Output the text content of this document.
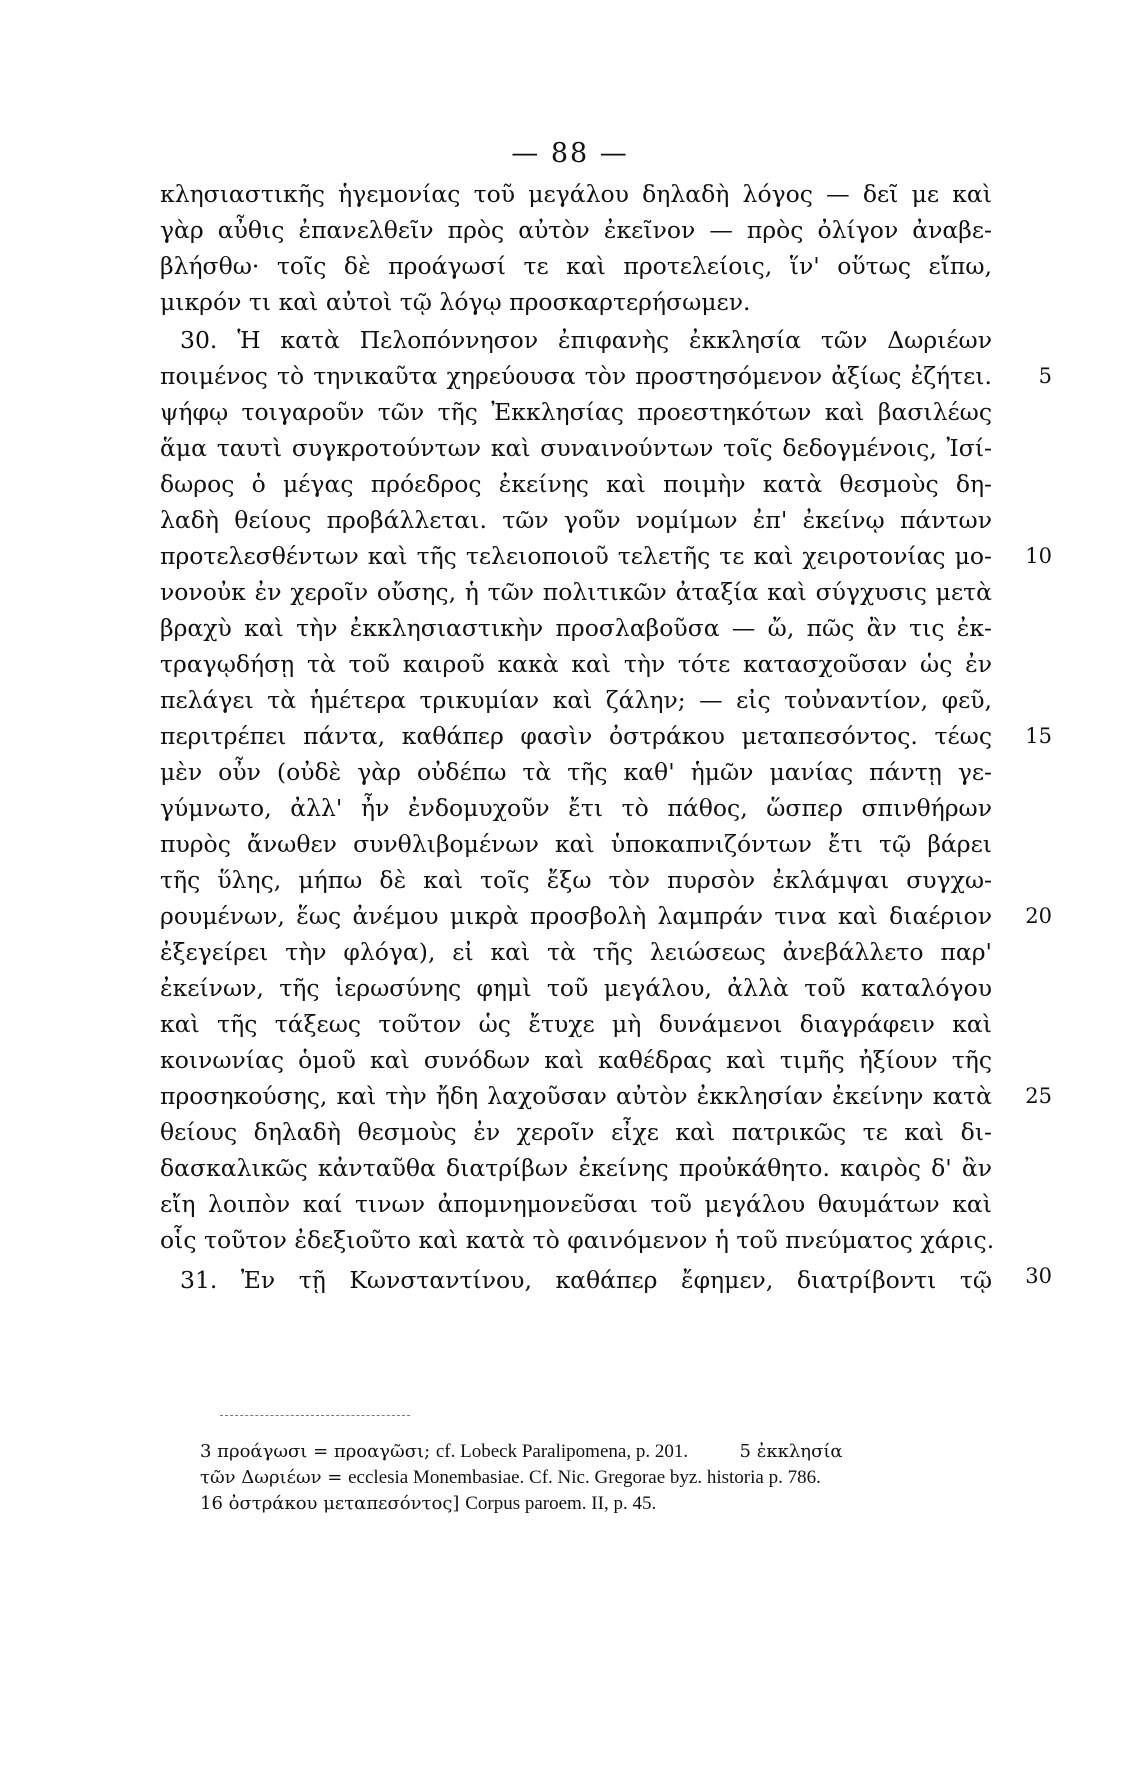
— 88 —
κλησιαστικῆς ἡγεμονίας τοῦ μεγάλου δηλαδὴ λόγος — δεῖ με καὶ
γὰρ αὖθις ἐπανελθεῖν πρὸς αὐτὸν ἐκεῖνον — πρὸς ὀλίγον ἀναβε-
βλήσθω· τοῖς δὲ προάγωσί τε καὶ προτελείοις, ἵν' οὕτως εἴπω,
μικρόν τι καὶ αὐτοὶ τῷ λόγῳ προσκαρτερήσωμεν.
30. Ἡ κατὰ Πελοπόννησον ἐπιφανὴς ἐκκλησία τῶν Δωριέων
ποιμένος τὸ τηνικαῦτα χηρεύουσα τὸν προστησόμενον ἀξίως ἐζήτει.
ψήφῳ τοιγαροῦν τῶν τῆς Ἐκκλησίας προεστηκότων καὶ βασιλέως
ἅμα ταυτὶ συγκροτούντων καὶ συναινούντων τοῖς δεδογμένοις, Ἰσί-
δωρος ὁ μέγας πρόεδρος ἐκείνης καὶ ποιμὴν κατὰ θεσμοὺς δη-
λαδὴ θείους προβάλλεται. τῶν γοῦν νομίμων ἐπ' ἐκείνῳ πάντων
προτελεσθέντων καὶ τῆς τελειοποιοῦ τελετῆς τε καὶ χειροτονίας μο-
νονοὐκ ἐν χεροῖν οὔσης, ἡ τῶν πολιτικῶν ἀταξία καὶ σύγχυσις μετὰ
βραχὺ καὶ τὴν ἐκκλησιαστικὴν προσλαβοῦσα — ὤ, πῶς ἂν τις ἐκ-
τραγῳδήσῃ τὰ τοῦ καιροῦ κακὰ καὶ τὴν τότε κατασχοῦσαν ὡς ἐν
πελάγει τὰ ἡμέτερα τρικυμίαν καὶ ζάλην; — εἰς τοὐναντίον, φεῦ,
περιτρέπει πάντα, καθάπερ φασὶν ὀστράκου μεταπεσόντος. τέως
μὲν οὖν (οὐδὲ γὰρ οὐδέπω τὰ τῆς καθ' ἡμῶν μανίας πάντῃ γε-
γύμνωτο, ἀλλ' ἦν ἐνδομυχοῦν ἔτι τὸ πάθος, ὥσπερ σπινθήρων
πυρὸς ἄνωθεν συνθλιβομένων καὶ ὑποκαπνιζόντων ἔτι τῷ βάρει
τῆς ὕλης, μήπω δὲ καὶ τοῖς ἔξω τὸν πυρσὸν ἐκλάμψαι συγχω-
ρουμένων, ἕως ἀνέμου μικρὰ προσβολὴ λαμπράν τινα καὶ διαέριον
ἐξεγείρει τὴν φλόγα), εἰ καὶ τὰ τῆς λειώσεως ἀνεβάλλετο παρ'
ἐκείνων, τῆς ἱερωσύνης φημὶ τοῦ μεγάλου, ἀλλὰ τοῦ καταλόγου
καὶ τῆς τάξεως τοῦτον ὡς ἔτυχε μὴ δυνάμενοι διαγράφειν καὶ
κοινωνίας ὁμοῦ καὶ συνόδων καὶ καθέδρας καὶ τιμῆς ἠξίουν τῆς
προσηκούσης, καὶ τὴν ἤδη λαχοῦσαν αὐτὸν ἐκκλησίαν ἐκείνην κατὰ
θείους δηλαδὴ θεσμοὺς ἐν χεροῖν εἶχε καὶ πατρικῶς τε καὶ δι-
δασκαλικῶς κἀνταῦθα διατρίβων ἐκείνης προὐκάθητο. καιρὸς δ' ἂν
εἴη λοιπὸν καί τινων ἀπομνημονεῦσαι τοῦ μεγάλου θαυμάτων καὶ
οἷς τοῦτον ἐδεξιοῦτο καὶ κατὰ τὸ φαινόμενον ἡ τοῦ πνεύματος χάρις.
31. Ἐν τῇ Κωνσταντίνου, καθάπερ ἔφημεν, διατρίβοντι τῷ
5
10
15
20
25
30
3 προάγωσι = προαγῶσι; cf. Lobeck Paralipomena, p. 201.	5 ἐκκλησία
τῶν Δωριέων = ecclesia Monembasiae. Cf. Nic. Gregorae byz. historia p. 786.
16 ὀστράκου μεταπεσόντος] Corpus paroem. II, p. 45.
